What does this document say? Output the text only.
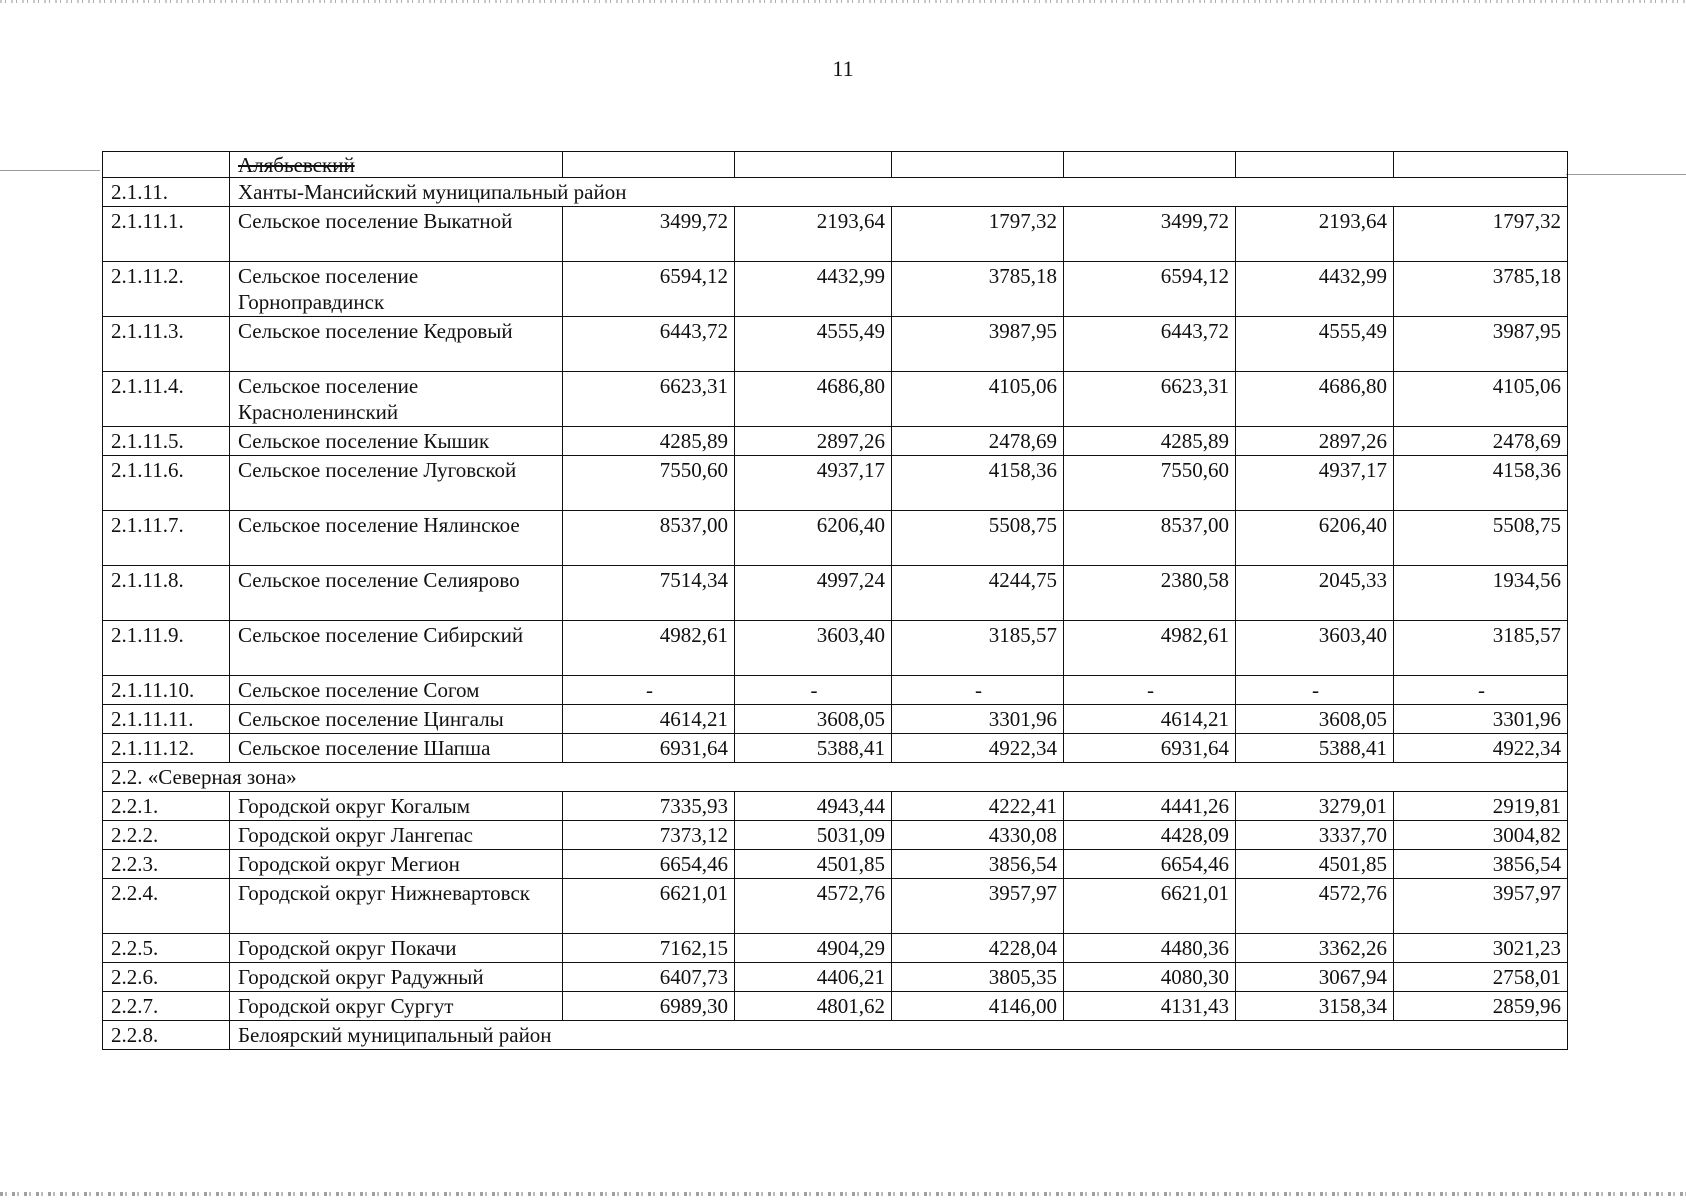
11
	Алябьевский						
2.1.11.	Ханты-Мансийский муниципальный район						
2.1.11.1.	Сельское поселение Выкатной	3499,72	2193,64	1797,32	3499,72	2193,64	1797,32
2.1.11.2.	Сельское поселение Горноправдинск	6594,12	4432,99	3785,18	6594,12	4432,99	3785,18
2.1.11.3.	Сельское поселение Кедровый	6443,72	4555,49	3987,95	6443,72	4555,49	3987,95
2.1.11.4.	Сельское поселение Красноленинский	6623,31	4686,80	4105,06	6623,31	4686,80	4105,06
2.1.11.5.	Сельское поселение Кышик	4285,89	2897,26	2478,69	4285,89	2897,26	2478,69
2.1.11.6.	Сельское поселение Луговской	7550,60	4937,17	4158,36	7550,60	4937,17	4158,36
2.1.11.7.	Сельское поселение Нялинское	8537,00	6206,40	5508,75	8537,00	6206,40	5508,75
2.1.11.8.	Сельское поселение Селиярово	7514,34	4997,24	4244,75	2380,58	2045,33	1934,56
2.1.11.9.	Сельское поселение Сибирский	4982,61	3603,40	3185,57	4982,61	3603,40	3185,57
2.1.11.10.	Сельское поселение Согом	-	-	-	-	-	-
2.1.11.11.	Сельское поселение Цингалы	4614,21	3608,05	3301,96	4614,21	3608,05	3301,96
2.1.11.12.	Сельское поселение Шапша	6931,64	5388,41	4922,34	6931,64	5388,41	4922,34
2.2. «Северная зона»							
2.2.1.	Городской округ Когалым	7335,93	4943,44	4222,41	4441,26	3279,01	2919,81
2.2.2.	Городской округ Лангепас	7373,12	5031,09	4330,08	4428,09	3337,70	3004,82
2.2.3.	Городской округ Мегион	6654,46	4501,85	3856,54	6654,46	4501,85	3856,54
2.2.4.	Городской округ Нижневартовск	6621,01	4572,76	3957,97	6621,01	4572,76	3957,97
2.2.5.	Городской округ Покачи	7162,15	4904,29	4228,04	4480,36	3362,26	3021,23
2.2.6.	Городской округ Радужный	6407,73	4406,21	3805,35	4080,30	3067,94	2758,01
2.2.7.	Городской округ Сургут	6989,30	4801,62	4146,00	4131,43	3158,34	2859,96
2.2.8.	Белоярский муниципальный район						
